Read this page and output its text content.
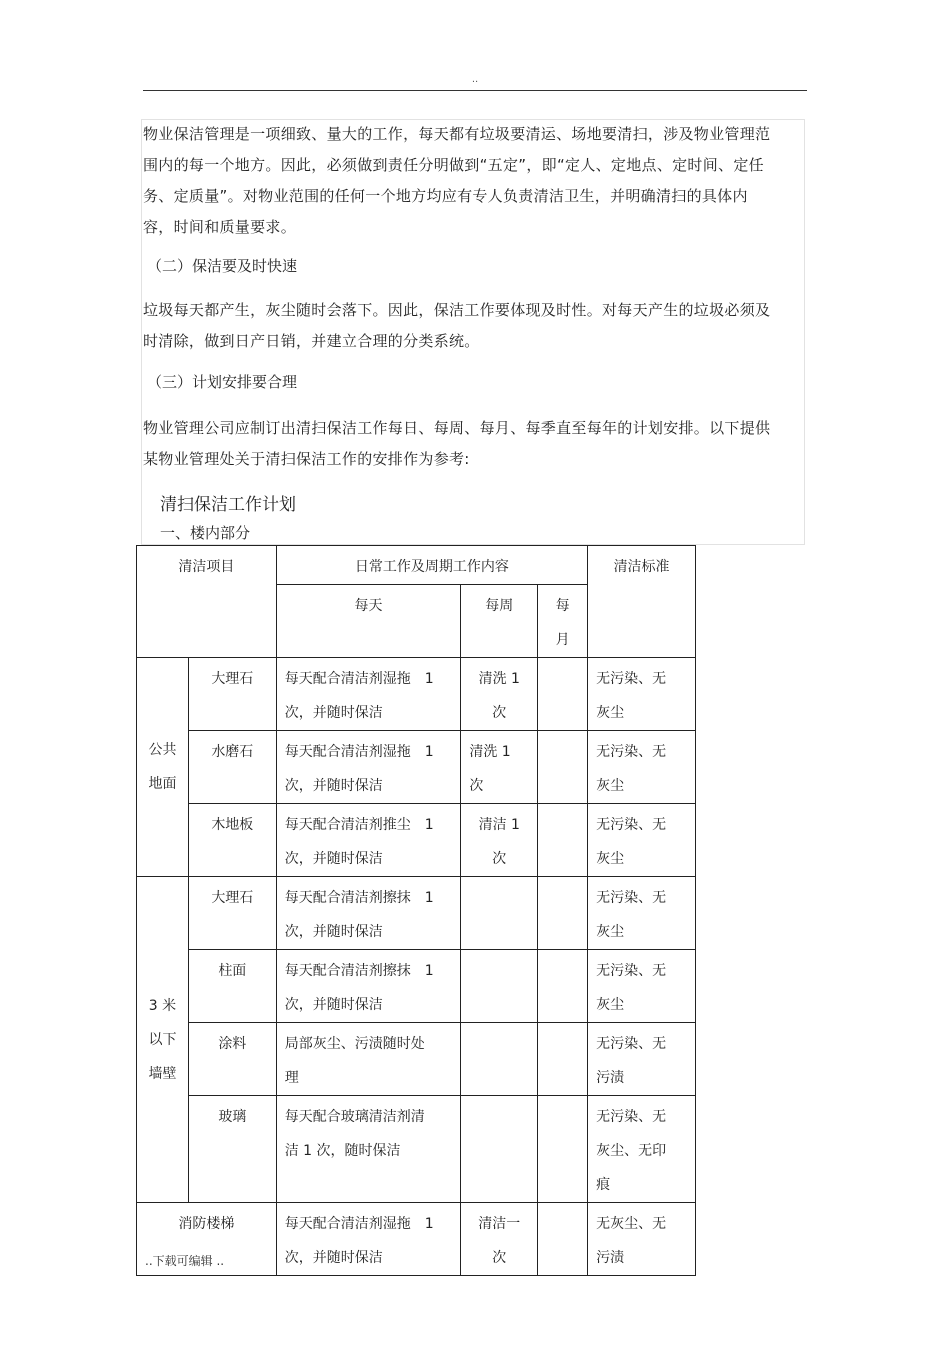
..

物业保洁管理是一项细致、量大的工作，每天都有垃圾要清运、场地要清扫，涉及物业管理范围内的每一个地方。因此，必须做到责任分明做到“五定”，即“定人、定地点、定时间、定任务、定质量”。对物业范围的任何一个地方均应有专人负责清洁卫生，并明确清扫的具体内容，时间和质量要求。

（二）保洁要及时快速

垃圾每天都产生，灰尘随时会落下。因此，保洁工作要体现及时性。对每天产生的垃圾必须及时清除，做到日产日销，并建立合理的分类系统。

（三）计划安排要合理

物业管理公司应制订出清扫保洁工作每日、每周、每月、每季直至每年的计划安排。以下提供某物业管理处关于清扫保洁工作的安排作为参考:

清扫保洁工作计划
一、楼内部分
清洁项目		日常工作及周期工作内容			清洁标准
		每天	每周	每
月	
公共
地面	大理石	每天配合清洁剂湿拖　1
次，并随时保洁	清洗 1
次		无污染、无
灰尘
	水磨石	每天配合清洁剂湿拖　1
次，并随时保洁	清洗 1
次		无污染、无
灰尘
	木地板	每天配合清洁剂推尘　1
次，并随时保洁	清洁 1
次		无污染、无
灰尘
3 米
以下
墙壁	大理石	每天配合清洁剂擦抹　1
次，并随时保洁			无污染、无
灰尘
	柱面	每天配合清洁剂擦抹　1
次，并随时保洁			无污染、无
灰尘
	涂料	局部灰尘、污渍随时处
理			无污染、无
污渍
	玻璃	每天配合玻璃清洁剂清
洁 1 次，随时保洁			无污染、无
灰尘、无印
痕
消防楼梯		每天配合清洁剂湿拖　1
次，并随时保洁	清洁一
次		无灰尘、无
污渍
..下载可编辑 ..
